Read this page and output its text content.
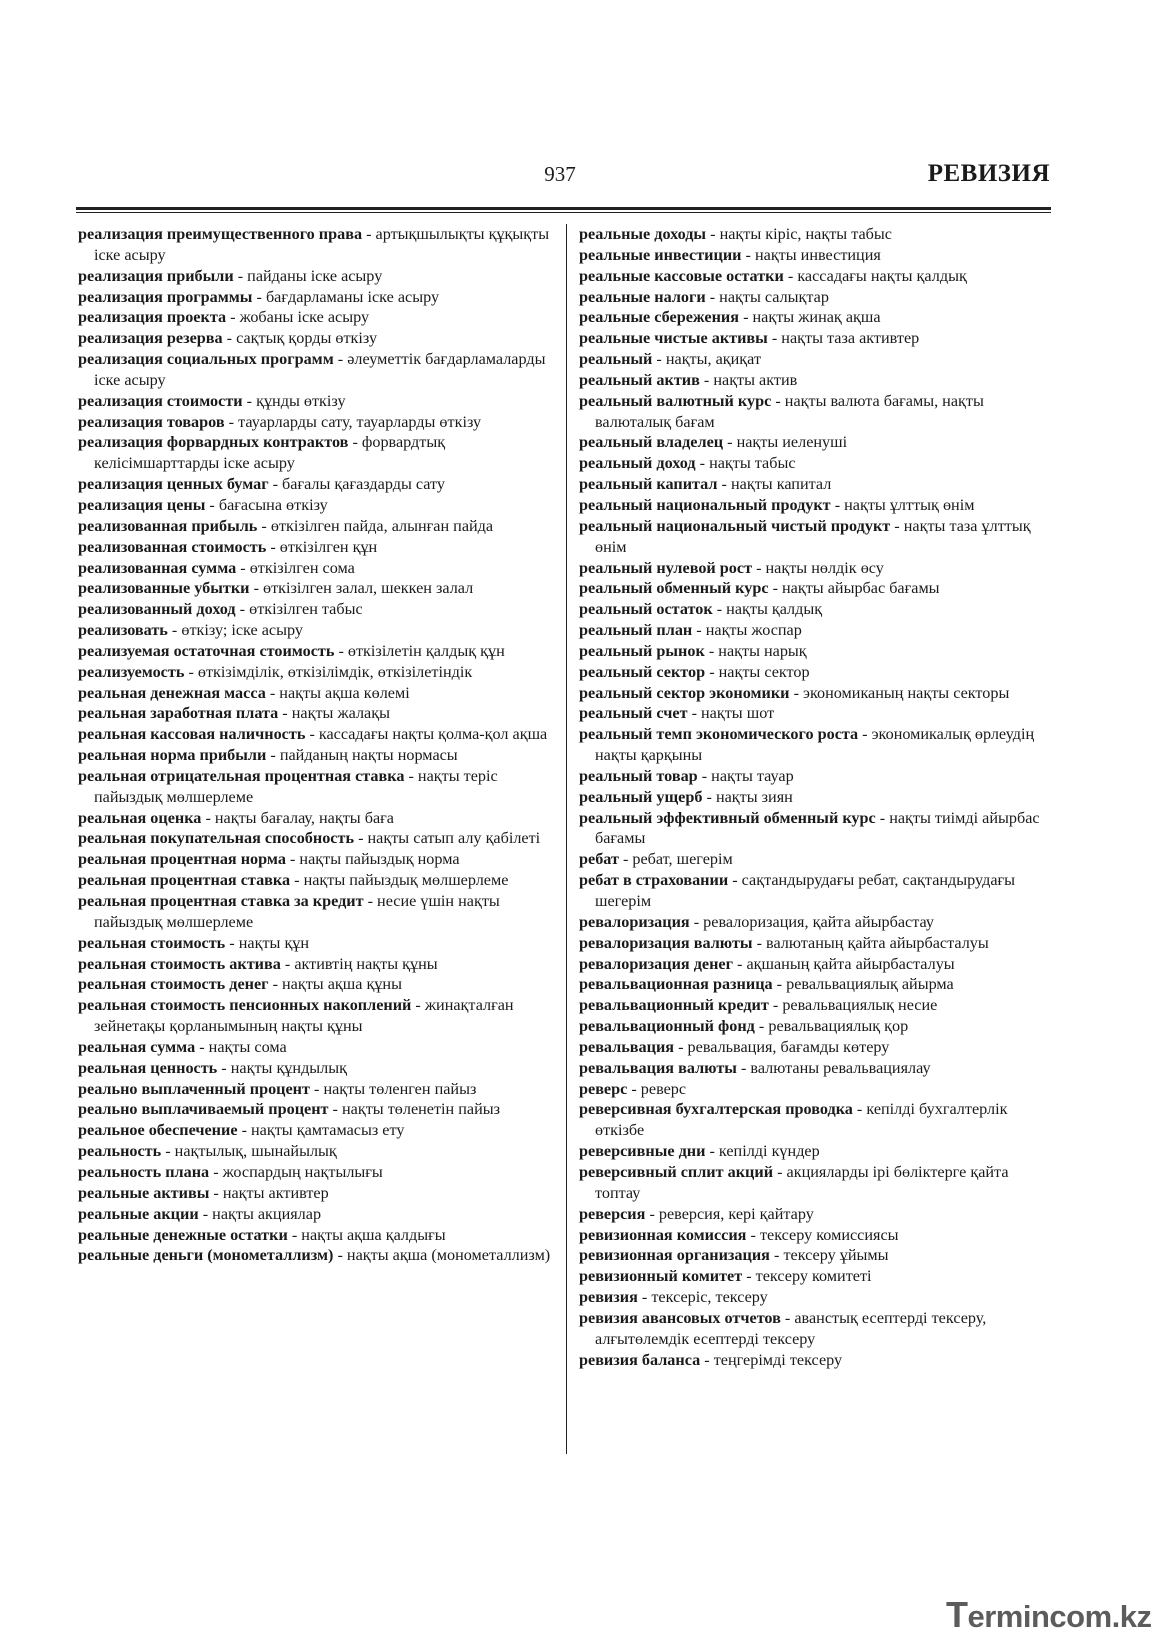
937	РЕВИЗИЯ

реализация преимущественного права - артықшылықты құқықты іске асыру

реализация прибыли - пайданы іске асыру

реализация программы - бағдарламаны іске асыру

реализация проекта - жобаны іске асыру

реализация резерва - сақтық қорды өткізу

реализация социальных программ - әлеуметтік бағдарламаларды іске асыру

реализация стоимости - құнды өткізу

реализация товаров - тауарларды сату, тауарларды өткізу

реализация форвардных контрактов - форвардтық келісімшарттарды іске асыру

реализация ценных бумаг - бағалы қағаздарды сату

реализация цены - бағасына өткізу

реализованная прибыль - өткізілген пайда, алынған пайда

реализованная стоимость - өткізілген құн

реализованная сумма - өткізілген сома

реализованные убытки - өткізілген залал, шеккен залал

реализованный доход - өткізілген табыс

реализовать - өткізу; іске асыру

реализуемая остаточная стоимость - өткізілетін қалдық құн

реализуемость - өткізімділік, өткізілімдік, өткізілетіндік

реальная денежная масса - нақты ақша көлемі

реальная заработная плата - нақты жалақы

реальная кассовая наличность - кассадағы нақты қолма-қол ақша

реальная норма прибыли - пайданың нақты нормасы

реальная отрицательная процентная ставка - нақты теріс пайыздық мөлшерлеме

реальная оценка - нақты бағалау, нақты баға

реальная покупательная способность - нақты сатып алу қабілеті

реальная процентная норма - нақты пайыздық норма

реальная процентная ставка - нақты пайыздық мөлшерлеме

реальная процентная ставка за кредит - несие үшін нақты пайыздық мөлшерлеме

реальная стоимость - нақты құн

реальная стоимость актива - активтің нақты құны

реальная стоимость денег - нақты ақша құны

реальная стоимость пенсионных накоплений - жинақталған зейнетақы қорланымының нақты құны

реальная сумма - нақты сома

реальная ценность - нақты құндылық

реально выплаченный процент - нақты төленген пайыз

реально выплачиваемый процент - нақты төленетін пайыз

реальное обеспечение - нақты қамтамасыз ету

реальность - нақтылық, шынайылық

реальность плана - жоспардың нақтылығы

реальные активы - нақты активтер

реальные акции - нақты акциялар

реальные денежные остатки - нақты ақша қалдығы

реальные деньги (монометаллизм) - нақты ақша (монометаллизм)

реальные доходы - нақты кіріс, нақты табыс

реальные инвестиции - нақты инвестиция

реальные кассовые остатки - кассадағы нақты қалдық

реальные налоги - нақты салықтар

реальные сбережения - нақты жинақ ақша

реальные чистые активы - нақты таза активтер

реальный - нақты, ақиқат

реальный актив - нақты актив

реальный валютный курс - нақты валюта бағамы, нақты валюталық бағам

реальный владелец - нақты иеленуші

реальный доход - нақты табыс

реальный капитал - нақты капитал

реальный национальный продукт - нақты ұлттық өнім

реальный национальный чистый продукт - нақты таза ұлттық өнім

реальный нулевой рост - нақты нөлдік өсу

реальный обменный курс - нақты айырбас бағамы

реальный остаток - нақты қалдық

реальный план - нақты жоспар

реальный рынок - нақты нарық

реальный сектор - нақты сектор

реальный сектор экономики - экономиканың нақты секторы

реальный счет - нақты шот

реальный темп экономического роста - экономикалық өрлеудің нақты қарқыны

реальный товар - нақты тауар

реальный ущерб - нақты зиян

реальный эффективный обменный курс - нақты тиімді айырбас бағамы

ребат - ребат, шегерім

ребат в страховании - сақтандырудағы ребат, сақтандырудағы шегерім

ревалоризация - ревалоризация, қайта айырбастау

ревалоризация валюты - валютаның қайта айырбасталуы

ревалоризация денег - ақшаның қайта айырбасталуы

ревальвационная разница - ревальвациялық айырма

ревальвационный кредит - ревальвациялық несие

ревальвационный фонд - ревальвациялық қор

ревальвация - ревальвация, бағамды көтеру

ревальвация валюты - валютаны ревальвациялау

реверс - реверс

реверсивная бухгалтерская проводка - кепілді бухгалтерлік өткізбе

реверсивные дни - кепілді күндер

реверсивный сплит акций - акцияларды ірі бөліктерге қайта топтау

реверсия - реверсия, кері қайтару

ревизионная комиссия - тексеру комиссиясы

ревизионная организация - тексеру ұйымы

ревизионный комитет - тексеру комитеті

ревизия - тексеріс, тексеру

ревизия авансовых отчетов - аванстық есептерді тексеру, алғытөлемдік есептерді тексеру

ревизия баланса - теңгерімді тексеру

Termincom.kz
